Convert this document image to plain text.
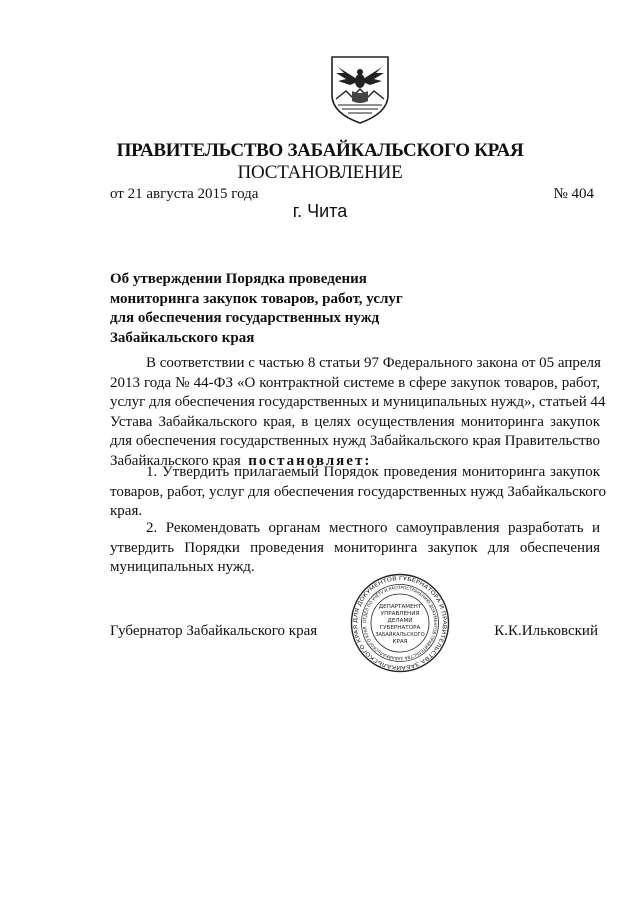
ПРАВИТЕЛЬСТВО ЗАБАЙКАЛЬСКОГО КРАЯ
ПОСТАНОВЛЕНИЕ
от 21 августа 2015 года	№ 404
г. Чита
Об утверждении Порядка проведения
мониторинга закупок товаров, работ, услуг
для обеспечения государственных нужд
Забайкальского края
В соответствии с частью 8 статьи 97 Федерального закона от 05 апреля
2013 года № 44-ФЗ «О контрактной системе в сфере закупок товаров, работ,
услуг для обеспечения государственных и муниципальных нужд», статьей 44
Устава Забайкальского края, в целях осуществления мониторинга закупок
для обеспечения государственных нужд Забайкальского края Правительство
Забайкальского края постановляет:
1. Утвердить прилагаемый Порядок проведения мониторинга закупок
товаров, работ, услуг для обеспечения государственных нужд Забайкальского
края.
2. Рекомендовать органам местного самоуправления разработать и
утвердить Порядки проведения мониторинга закупок для обеспечения
муниципальных нужд.
ДЛЯ ДОКУМЕНТОВ ГУБЕРНАТОРА И ПРАВИТЕЛЬСТВА ЗАБАЙКАЛЬСКОГО КРАЯ
ОТДЕЛ ПО УЧЁТУ И РАСПРОСТРАНЕНИЮ ДОКУМЕНТОВ ПРАВИТЕЛЬСТВА ЗАБАЙКАЛЬСКОГО КРАЯ
ДЕПАРТАМЕНТ
УПРАВЛЕНИЯ
ДЕЛАМИ
ГУБЕРНАТОРА
ЗАБАЙКАЛЬСКОГО
КРАЯ
Губернатор Забайкальского края	К.К.Ильковский
